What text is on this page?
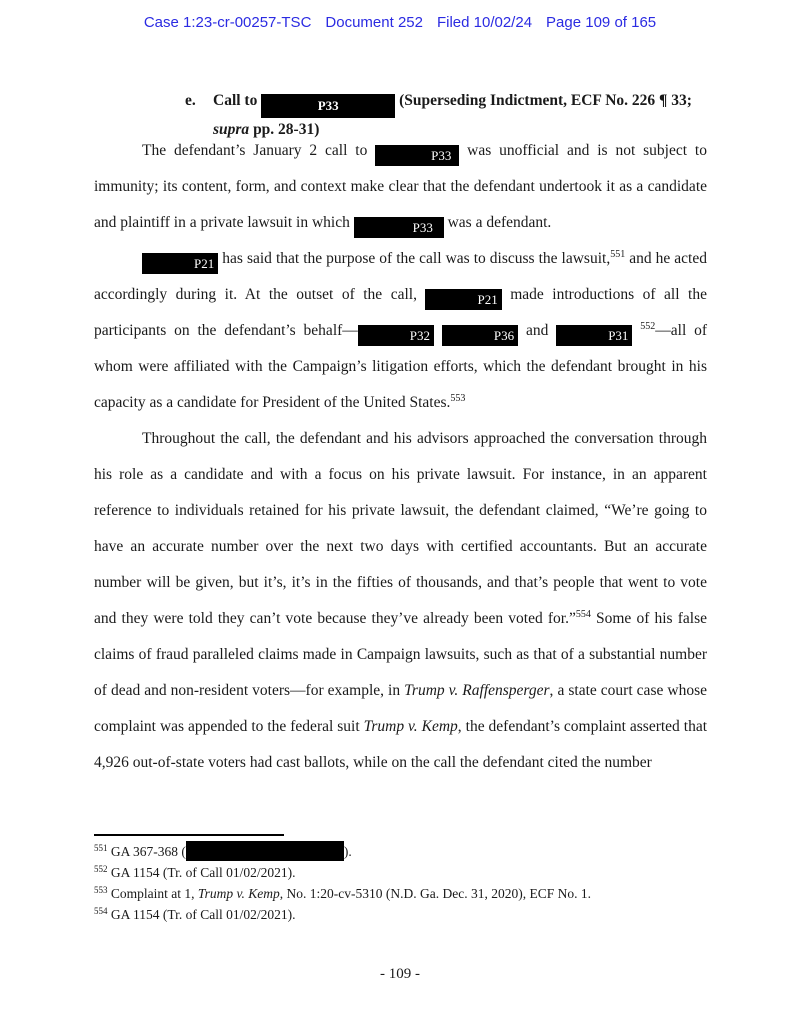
Case 1:23-cr-00257-TSC Document 252 Filed 10/02/24 Page 109 of 165
e.	Call to	P33	(Superseding Indictment, ECF No. 226 ¶ 33;
supra pp. 28-31)

The defendant’s January 2 call to	P33 was unofficial and is not subject to immunity; its content, form, and context make clear that the defendant undertook it as a candidate and plaintiff in a private lawsuit in which	P33 was a defendant.

P21 has said that the purpose of the call was to discuss the lawsuit,$^{551}$ and he acted accordingly during it. At the outset of the call,	P21 made introductions of all the participants on the defendant’s behalf—	P32	P36 and	P31 $^{552}$—all of whom were affiliated with the Campaign’s litigation efforts, which the defendant brought in his capacity as a candidate for President of the United States.$^{553}$

Throughout the call, the defendant and his advisors approached the conversation through his role as a candidate and with a focus on his private lawsuit. For instance, in an apparent reference to individuals retained for his private lawsuit, the defendant claimed, “We’re going to have an accurate number over the next two days with certified accountants. But an accurate number will be given, but it’s, it’s in the fifties of thousands, and that’s people that went to vote and they were told they can’t vote because they’ve already been voted for.”$^{554}$ Some of his false claims of fraud paralleled claims made in Campaign lawsuits, such as that of a substantial number of dead and non-resident voters—for example, in Trump v. Raffensperger, a state court case whose complaint was appended to the federal suit Trump v. Kemp, the defendant’s complaint asserted that 4,926 out-of-state voters had cast ballots, while on the call the defendant cited the number

$^{551}$ GA 367-368 (	).

$^{552}$ GA 1154 (Tr. of Call 01/02/2021).

$^{553}$ Complaint at 1, Trump v. Kemp, No. 1:20-cv-5310 (N.D. Ga. Dec. 31, 2020), ECF No. 1.

$^{554}$ GA 1154 (Tr. of Call 01/02/2021).

- 109 -
